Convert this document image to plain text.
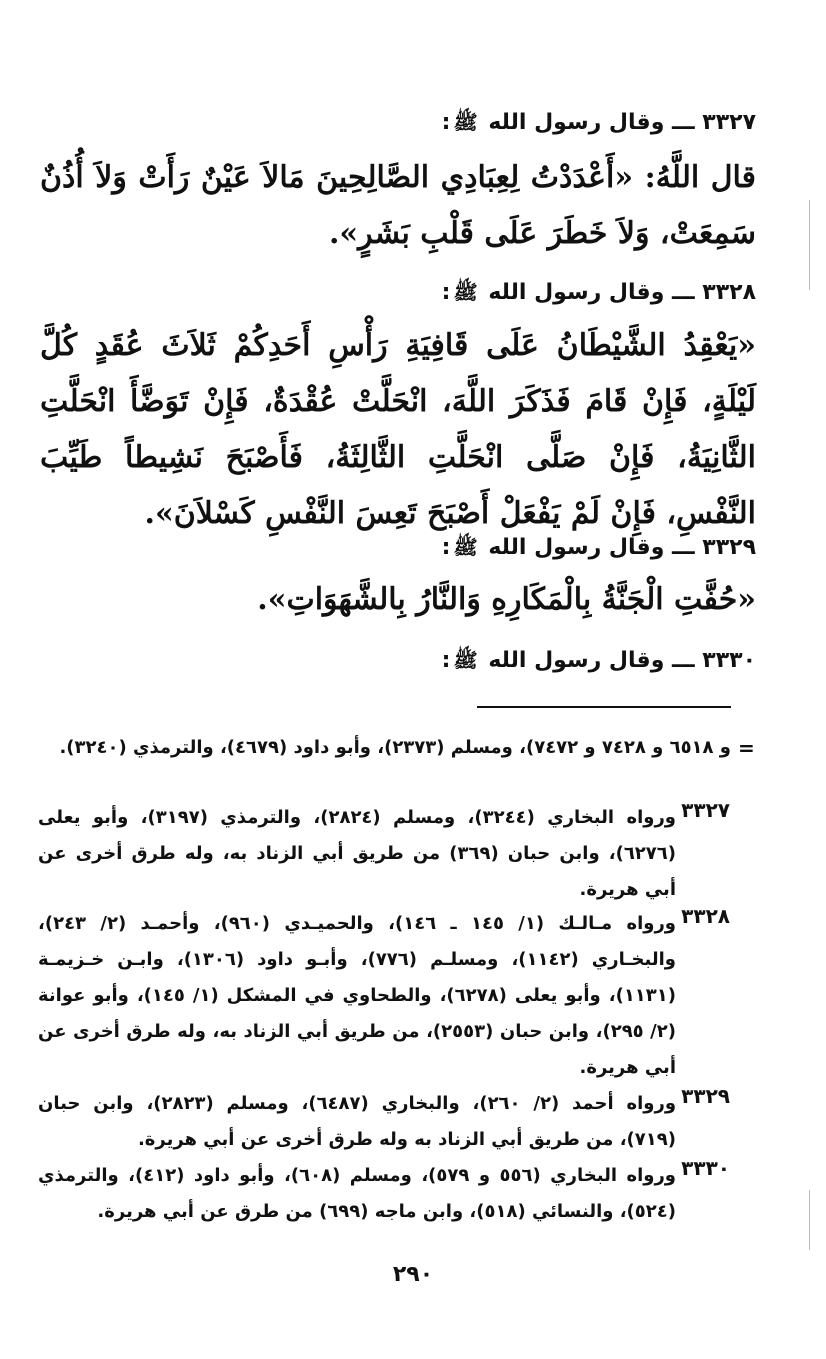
٣٣٢٧ ـــ وقال رسول الله ﷺ:
قال اللَّهُ: «أَعْدَدْتُ لِعِبَادِي الصَّالِحِينَ مَالاَ عَيْنٌ رَأَتْ وَلاَ أُذُنٌ سَمِعَتْ، وَلاَ خَطَرَ عَلَى قَلْبِ بَشَرٍ».
٣٣٢٨ ـــ وقال رسول الله ﷺ:
«يَعْقِدُ الشَّيْطَانُ عَلَى قَافِيَةِ رَأْسِ أَحَدِكُمْ ثَلاَثَ عُقَدٍ كُلَّ لَيْلَةٍ، فَإِنْ قَامَ فَذَكَرَ اللَّهَ، انْحَلَّتْ عُقْدَةٌ، فَإِنْ تَوَضَّأَ انْحَلَّتِ الثَّانِيَةُ، فَإِنْ صَلَّى انْحَلَّتِ الثَّالِثَةُ، فَأَصْبَحَ نَشِيطاً طَيِّبَ النَّفْسِ، فَإِنْ لَمْ يَفْعَلْ أَصْبَحَ تَعِسَ النَّفْسِ كَسْلاَنَ».
٣٣٢٩ ـــ وقال رسول الله ﷺ:
«حُفَّتِ الْجَنَّةُ بِالْمَكَارِهِ وَالنَّارُ بِالشَّهَوَاتِ».
٣٣٣٠ ـــ وقال رسول الله ﷺ:
=
و ٦٥١٨ و ٧٤٢٨ و ٧٤٧٢)، ومسلم (٢٣٧٣)، وأبو داود (٤٦٧٩)، والترمذي (٣٢٤٠).
٣٣٢٧
ورواه البخاري (٣٢٤٤)، ومسلم (٢٨٢٤)، والترمذي (٣١٩٧)، وأبو يعلى (٦٢٧٦)، وابن حبان (٣٦٩) من طريق أبي الزناد به، وله طرق أخرى عن أبي هريرة.
٣٣٢٨
ورواه مـالـك (١/ ١٤٥ ـ ١٤٦)، والحميـدي (٩٦٠)، وأحمـد (٢/ ٢٤٣)، والبخـاري (١١٤٢)، ومسلـم (٧٧٦)، وأبـو داود (١٣٠٦)، وابـن خـزيمـة (١١٣١)، وأبو يعلى (٦٢٧٨)، والطحاوي في المشكل (١/ ١٤٥)، وأبو عوانة (٢/ ٢٩٥)، وابن حبان (٢٥٥٣)، من طريق أبي الزناد به، وله طرق أخرى عن أبي هريرة.
٣٣٢٩
ورواه أحمد (٢/ ٢٦٠)، والبخاري (٦٤٨٧)، ومسلم (٢٨٢٣)، وابن حبان (٧١٩)، من طريق أبي الزناد به وله طرق أخرى عن أبي هريرة.
٣٣٣٠
ورواه البخاري (٥٥٦ و ٥٧٩)، ومسلم (٦٠٨)، وأبو داود (٤١٢)، والترمذي (٥٢٤)، والنسائي (٥١٨)، وابن ماجه (٦٩٩) من طرق عن أبي هريرة.
٢٩٠
